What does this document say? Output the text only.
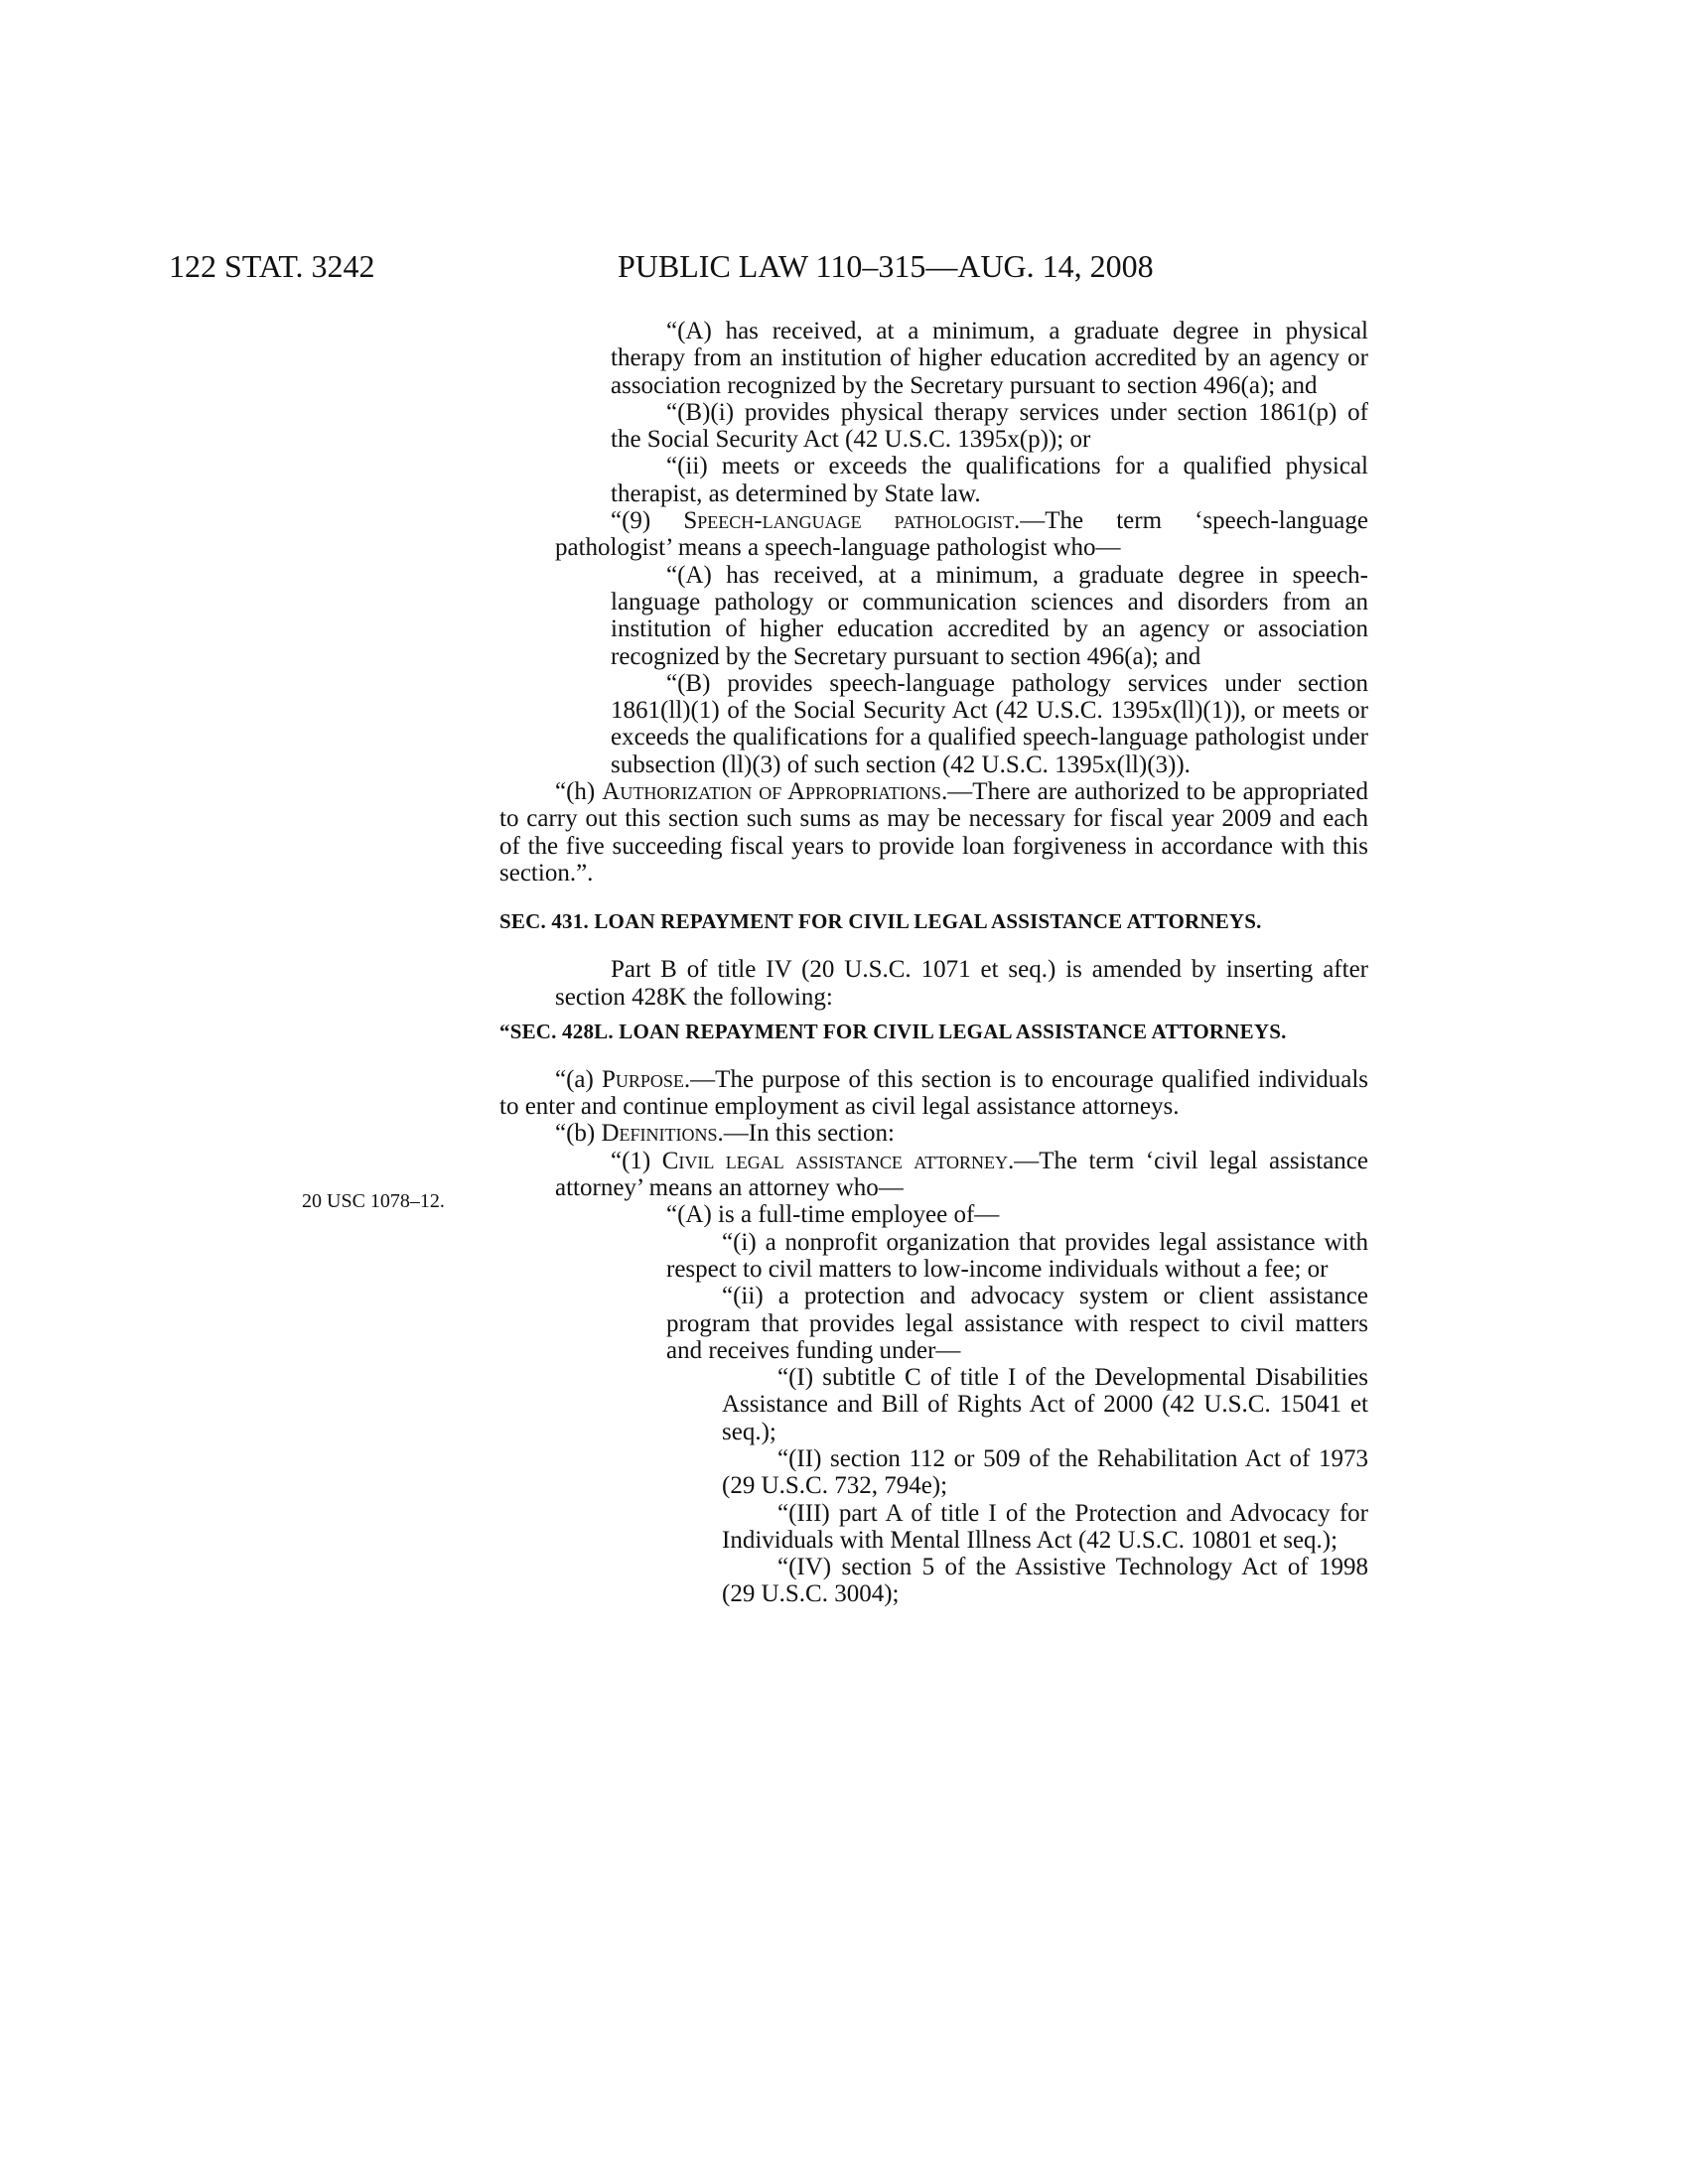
122 STAT. 3242	PUBLIC LAW 110–315—AUG. 14, 2008
20 USC 1078–12.

“(A) has received, at a minimum, a graduate degree in physical therapy from an institution of higher education accredited by an agency or association recognized by the Secretary pursuant to section 496(a); and

“(B)(i) provides physical therapy services under section 1861(p) of the Social Security Act (42 U.S.C. 1395x(p)); or

“(ii) meets or exceeds the qualifications for a qualified physical therapist, as determined by State law.

“(9) Speech-language pathologist.—The term ‘speech-language pathologist’ means a speech-language pathologist who—

“(A) has received, at a minimum, a graduate degree in speech-language pathology or communication sciences and disorders from an institution of higher education accredited by an agency or association recognized by the Secretary pursuant to section 496(a); and

“(B) provides speech-language pathology services under section 1861(ll)(1) of the Social Security Act (42 U.S.C. 1395x(ll)(1)), or meets or exceeds the qualifications for a qualified speech-language pathologist under subsection (ll)(3) of such section (42 U.S.C. 1395x(ll)(3)).

“(h) Authorization of Appropriations.—There are authorized to be appropriated to carry out this section such sums as may be necessary for fiscal year 2009 and each of the five succeeding fiscal years to provide loan forgiveness in accordance with this section.”.

SEC. 431. LOAN REPAYMENT FOR CIVIL LEGAL ASSISTANCE ATTORNEYS.

Part B of title IV (20 U.S.C. 1071 et seq.) is amended by inserting after section 428K the following:

“SEC. 428L. LOAN REPAYMENT FOR CIVIL LEGAL ASSISTANCE ATTORNEYS.

“(a) Purpose.—The purpose of this section is to encourage qualified individuals to enter and continue employment as civil legal assistance attorneys.

“(b) Definitions.—In this section:

“(1) Civil legal assistance attorney.—The term ‘civil legal assistance attorney’ means an attorney who—

“(A) is a full-time employee of—

“(i) a nonprofit organization that provides legal assistance with respect to civil matters to low-income individuals without a fee; or

“(ii) a protection and advocacy system or client assistance program that provides legal assistance with respect to civil matters and receives funding under—

“(I) subtitle C of title I of the Developmental Disabilities Assistance and Bill of Rights Act of 2000 (42 U.S.C. 15041 et seq.);

“(II) section 112 or 509 of the Rehabilitation Act of 1973 (29 U.S.C. 732, 794e);

“(III) part A of title I of the Protection and Advocacy for Individuals with Mental Illness Act (42 U.S.C. 10801 et seq.);

“(IV) section 5 of the Assistive Technology Act of 1998 (29 U.S.C. 3004);
